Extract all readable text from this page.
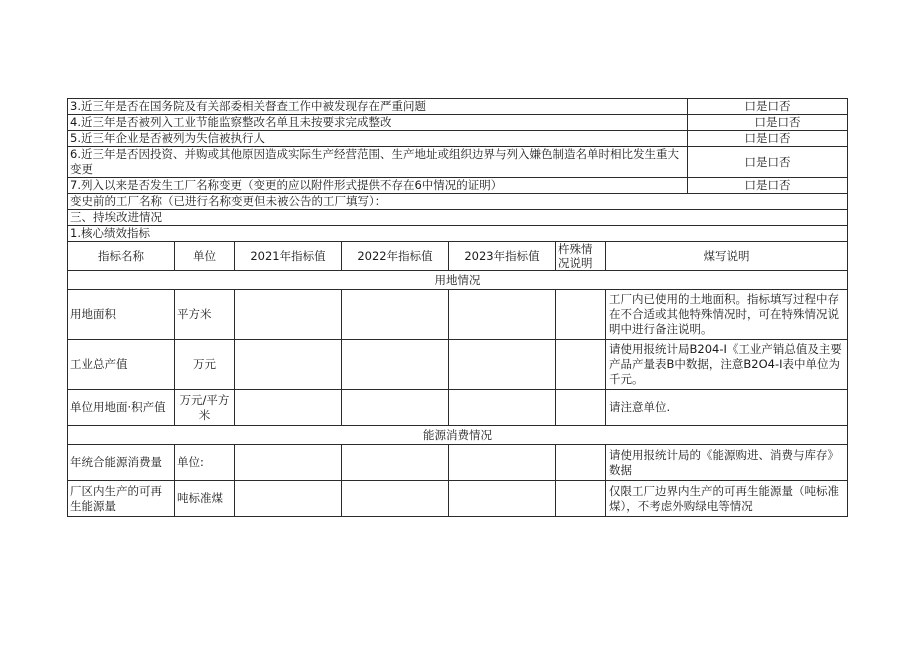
3.近三年是否在国务院及有关部委相关督查工作中被发现存在严重问题							口是口否
4.近三年是否被列入工业节能监察整改名单且未按要求完成整改							口是口否
5.近三年企业是否被列为失信被执行人							口是口否
6.近三年是否因投资、并购或其他原因造成实际生产经营范围、生产地址或组织边界与列入嫌色制造名单时相比发生重大变更							口是口否
7.列入以来是否发生工厂名称变更（变更的应以附件形式提供不存在6中情况的证明）							口是口否
变史前的工厂名称（已进行名称变更但未被公告的工厂填写）：							
三、持埃改进情况							
1.核心绩效指标							
指标名称	单位	2021年指标值	2022年指标值	2023年指标值	杵殊情况说明	煤写说明	
用地情况							
用地面积	平方米					工厂内已使用的土地面积。指标填写过程中存在不合适或其他特殊情况时，可在特殊情况说明中进行备注说明。	
工业总产值	万元					请使用报统计局B204-I《工业产销总值及主要产品产量表B中数据，注意B2O4-I表中单位为千元。	
单位用地面·积产值	万元/平方米					请注意单位.	
能源消费情况							
年统合能源消费量	单位:					请使用报统计局的《能源购进、消费与库存》数据	
厂区内生产的可再生能源量	吨标准煤					仅限工厂边界内生产的可再生能源量（吨标准煤），不考虑外购绿电等情况	
